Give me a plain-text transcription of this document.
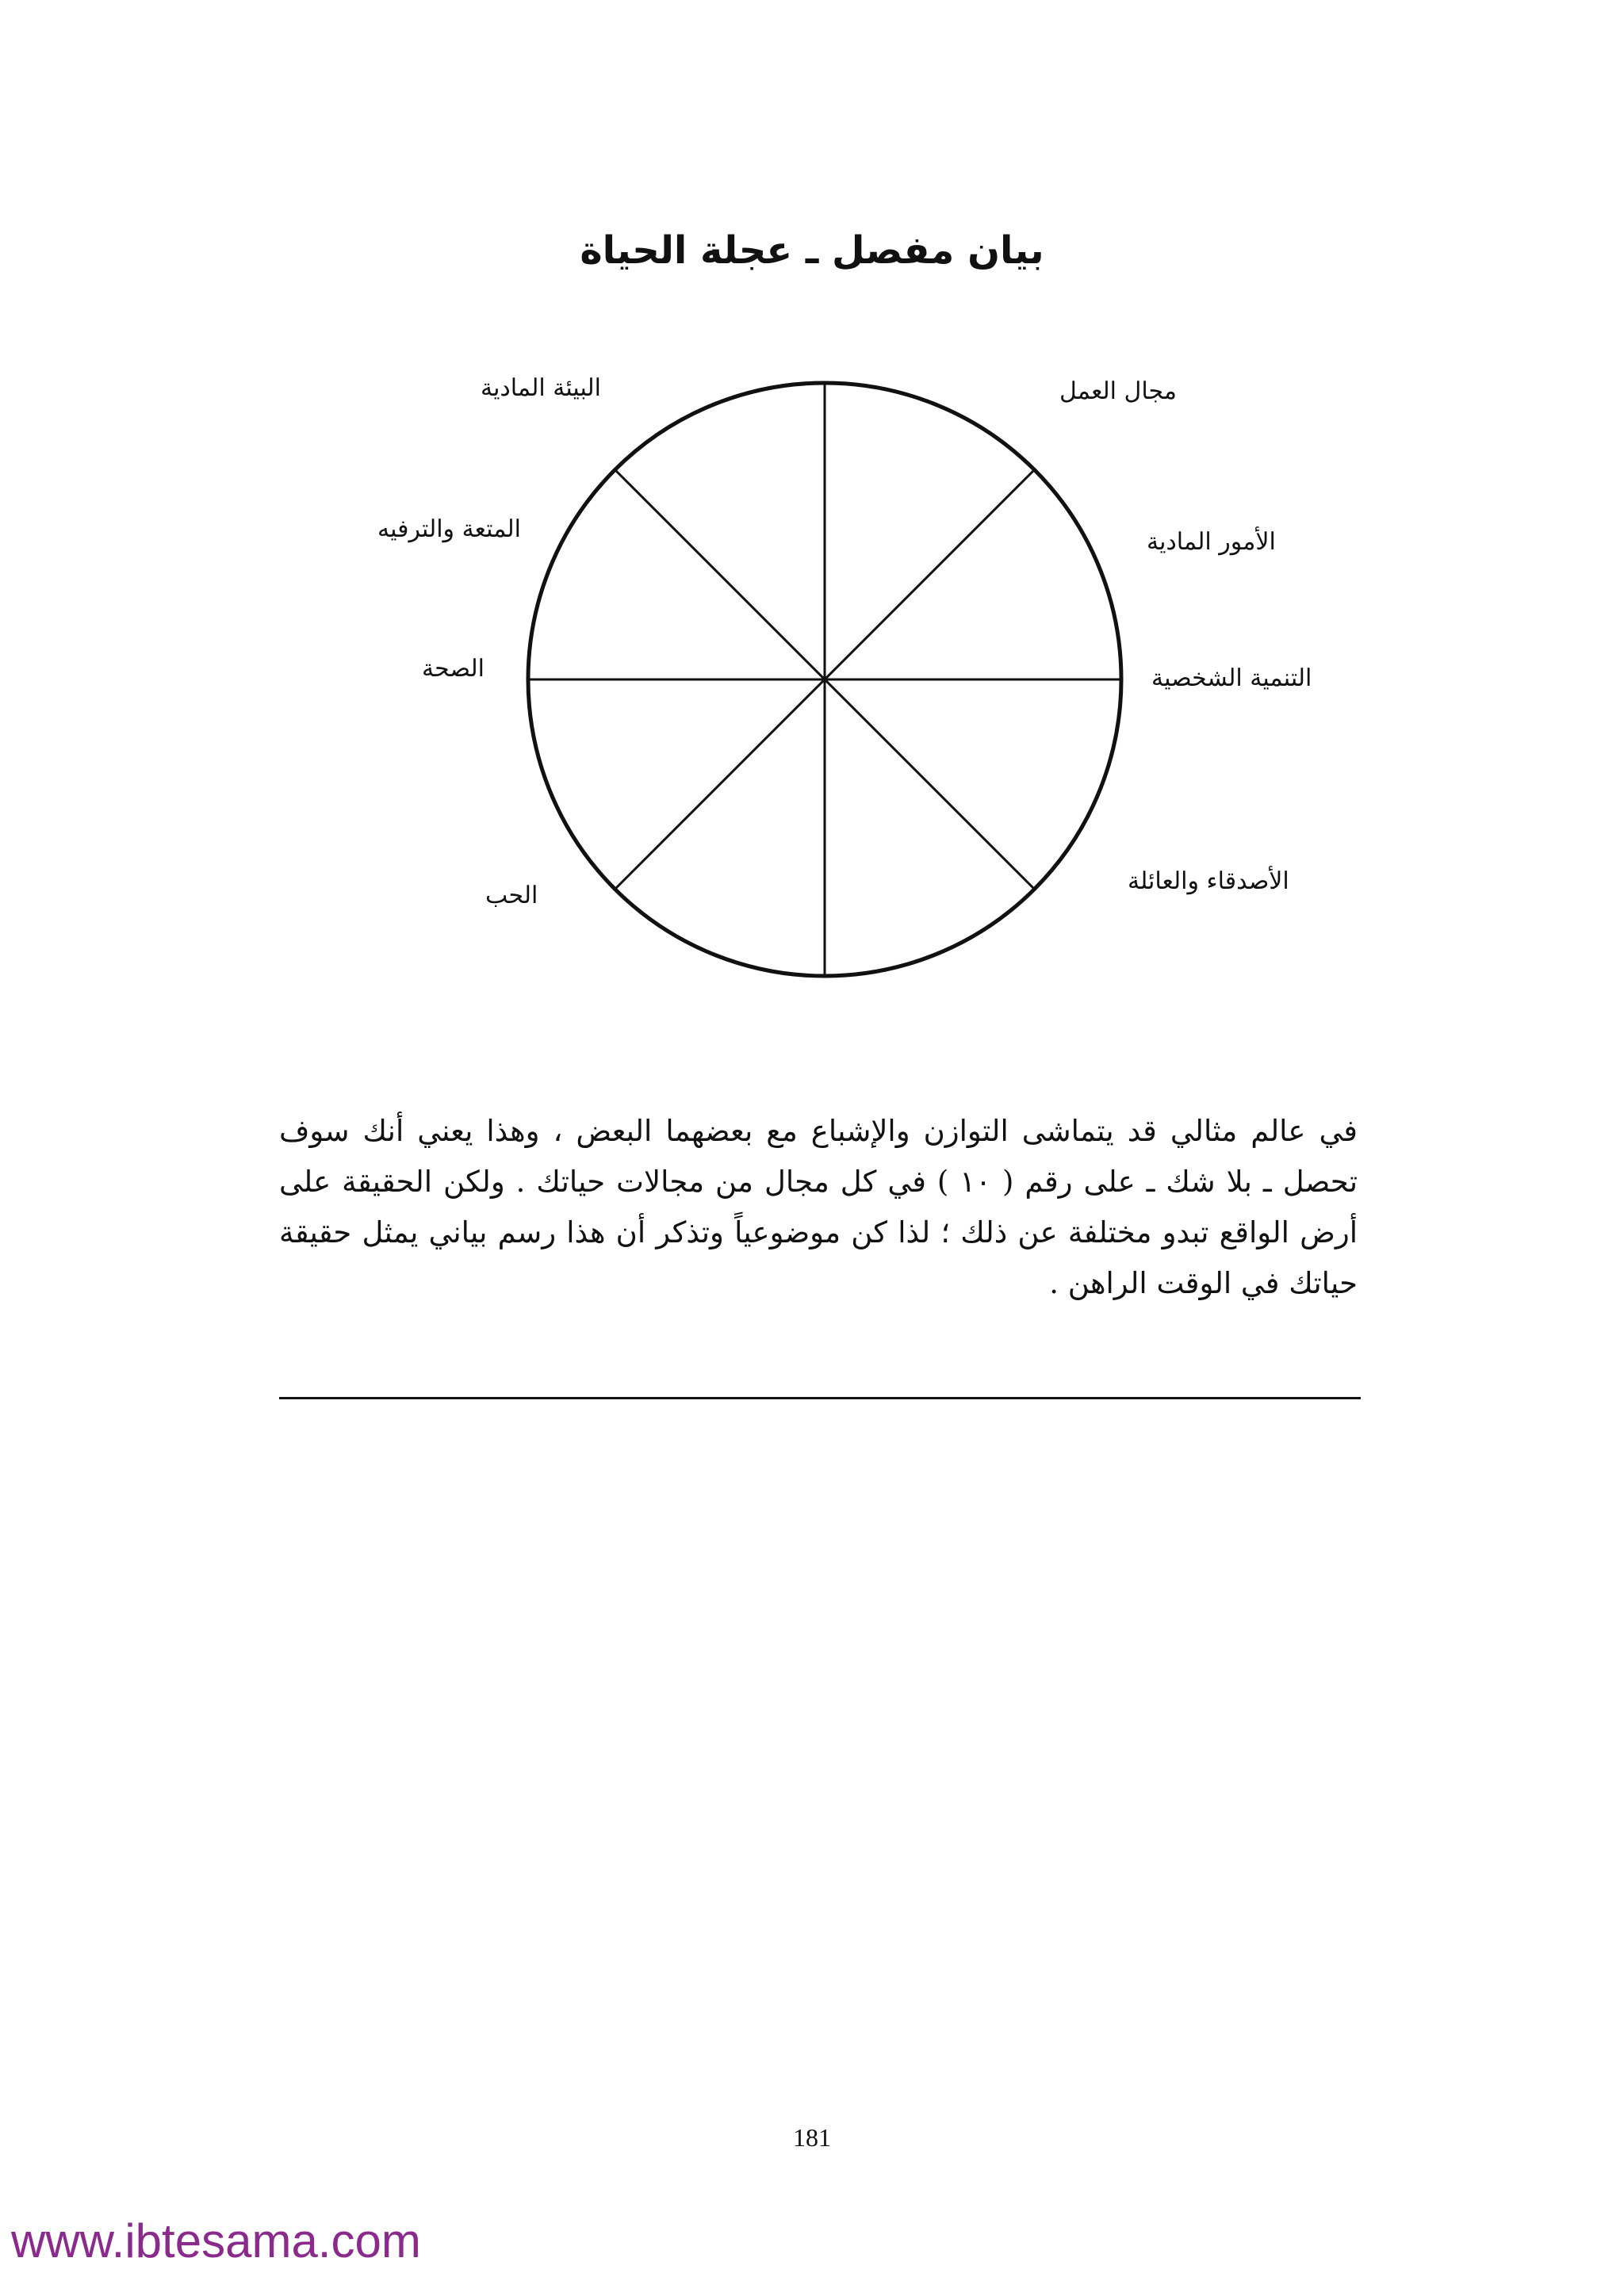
بيان مفصل ـ عجلة الحياة
مجال العمل
الأمور المادية
التنمية الشخصية
الأصدقاء والعائلة
الحب
الصحة
المتعة والترفيه
البيئة المادية
في عالم مثالي قد يتماشى التوازن والإشباع مع بعضهما البعض ، وهذا يعني أنك سوف تحصل ـ بلا شك ـ على رقم ( ١٠ ) في كل مجال من مجالات حياتك . ولكن الحقيقة على أرض الواقع تبدو مختلفة عن ذلك ؛ لذا كن موضوعياً وتذكر أن هذا رسم بياني يمثل حقيقة حياتك في الوقت الراهن .
181
www.ibtesama.com
